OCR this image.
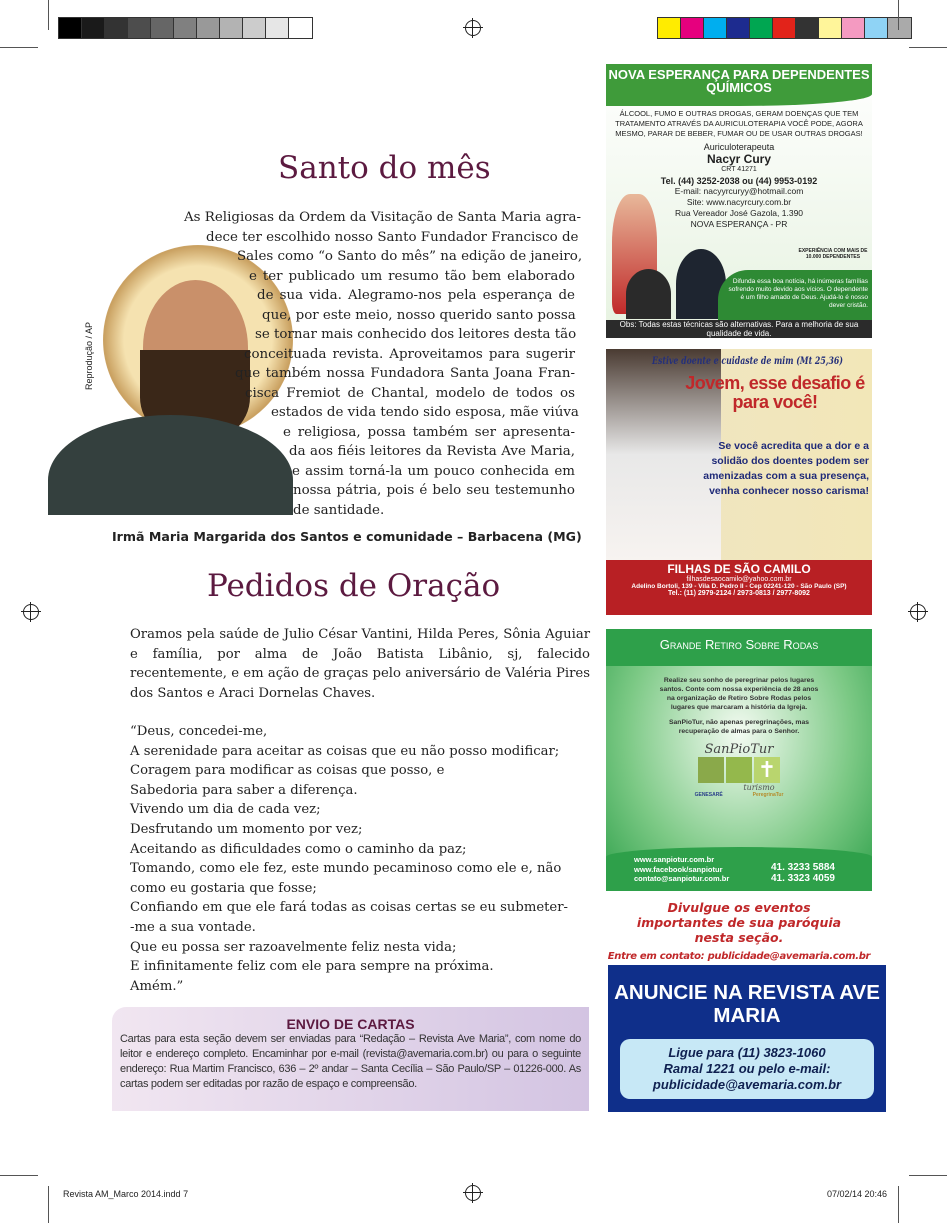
Santo do mês
Reprodução / AP
As Religiosas da Ordem da Visitação de Santa Maria agra-
dece ter escolhido nosso Santo Fundador Francisco de
Sales como “o Santo do mês” na edição de janeiro,
e ter publicado um resumo tão bem elaborado
de sua vida. Alegramo-nos pela esperança de
que, por este meio, nosso querido santo possa
se tornar mais conhecido dos leitores desta tão
conceituada revista. Aproveitamos para sugerir
que também nossa Fundadora Santa Joana Fran-
cisca Fremiot de Chantal, modelo de todos os
estados de vida tendo sido esposa, mãe viúva
e religiosa, possa também ser apresenta-
da aos fiéis leitores da Revista Ave Maria,
e assim torná-la um pouco conhecida em
nossa pátria, pois é belo seu testemunho
de santidade.
Irmã Maria Margarida dos Santos e comunidade – Barbacena (MG)
Pedidos de Oração

Oramos pela saúde de Julio César Vantini, Hilda Peres, Sônia Aguiar e família, por alma de João Batista Libânio, sj, falecido recentemente, e em ação de graças pelo aniversário de Valéria Pires dos Santos e Araci Dornelas Chaves.

“Deus, concedei-me,
A serenidade para aceitar as coisas que eu não posso modificar;
Coragem para modificar as coisas que posso, e
Sabedoria para saber a diferença.
Vivendo um dia de cada vez;
Desfrutando um momento por vez;
Aceitando as dificuldades como o caminho da paz;
Tomando, como ele fez, este mundo pecaminoso como ele e, não como eu gostaria que fosse;
Confiando em que ele fará todas as coisas certas se eu submeter-‑me a sua vontade.
Que eu possa ser razoavelmente feliz nesta vida;
E infinitamente feliz com ele para sempre na próxima.
Amém.”
ENVIO DE CARTAS
Cartas para esta seção devem ser enviadas para “Redação – Revista Ave Maria”, com nome do leitor e endereço completo. Encaminhar por e-mail (revista@avemaria.com.br) ou para o seguinte endereço: Rua Martim Francisco, 636 – 2º andar – Santa Cecília – São Paulo/SP – 01226-000. As cartas podem ser editadas por razão de espaço e compreensão.
NOVA ESPERANÇA PARA DEPENDENTES QUÍMICOS
ÁLCOOL, FUMO E OUTRAS DROGAS, GERAM DOENÇAS QUE TEM TRATAMENTO ATRAVÉS DA AURICULOTERAPIA VOCÊ PODE, AGORA MESMO, PARAR DE BEBER, FUMAR OU DE USAR OUTRAS DROGAS!
Auriculoterapeuta
Nacyr Cury
CRT 41271
Tel. (44) 3252-2038 ou (44) 9953-0192
E-mail: nacyyrcuryy@hotmail.com
Site: www.nacyrcury.com.br
Rua Vereador José Gazola, 1.390
NOVA ESPERANÇA - PR
EXPERIÊNCIA COM MAIS DE 10.000 DEPENDENTES
Difunda essa boa notícia, há inúmeras famílias sofrendo muito devido aos vícios. O dependente é um filho amado de Deus. Ajudá-lo é nosso dever cristão.
Obs: Todas estas técnicas são alternativas. Para a melhoria de sua qualidade de vida.
Estive doente e cuidaste de mim (Mt 25,36)
Jovem, esse desafio é para você!
Se você acredita que a dor e a solidão dos doentes podem ser amenizadas com a sua presença, venha conhecer nosso carisma!
FILHAS DE SÃO CAMILO
filhasdesaocamilo@yahoo.com.br
Adelino Bortoli, 139 - Vila D. Pedro II - Cep 02241-120 - São Paulo (SP)
Tel.: (11) 2979-2124 / 2973-0813 / 2977-8092
Grande Retiro Sobre Rodas
Realize seu sonho de peregrinar pelos lugares santos. Conte com nossa experiência de 28 anos na organização de Retiro Sobre Rodas pelos lugares que marcaram a história da Igreja.
SanPioTur, não apenas peregrinações, mas recuperação de almas para o Senhor.
SanPioTur
✝
turismo
GENESARÉ	PeregrinaTur
www.sanpiotur.com.br
www.facebook/sanpiotur
contato@sanpiotur.com.br
41. 3233 5884
41. 3323 4059
Divulgue os eventos importantes de sua paróquia nesta seção.
Entre em contato: publicidade@avemaria.com.br
ANUNCIE NA REVISTA AVE MARIA
Ligue para (11) 3823-1060
Ramal 1221 ou pelo e-mail:
publicidade@avemaria.com.br
Revista AM_Marco 2014.indd 7	07/02/14 20:46
